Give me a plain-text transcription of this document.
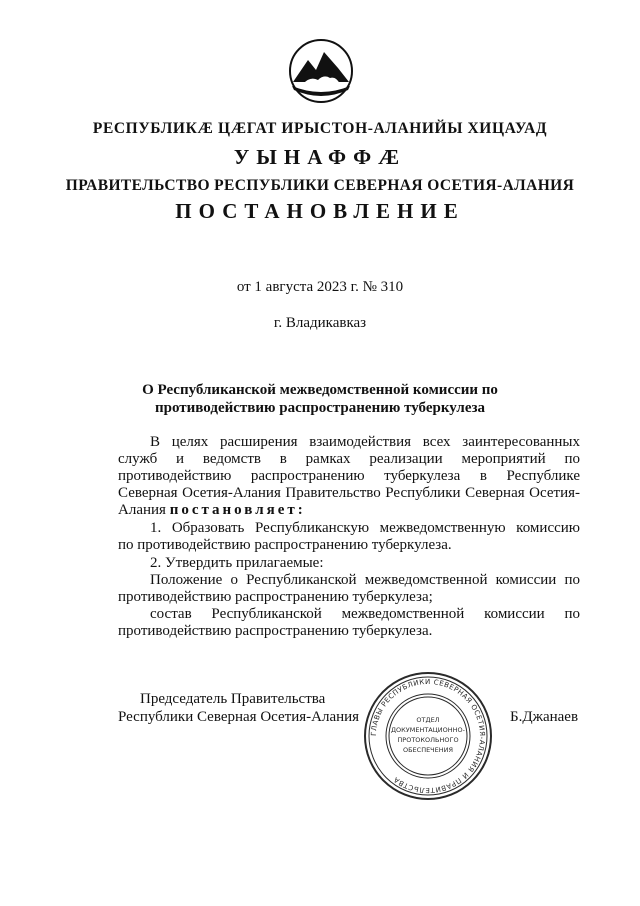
РЕСПУБЛИКӔ ЦӔГАТ ИРЫСТОН-АЛАНИЙЫ ХИЦАУАД
УЫНАФФӔ
ПРАВИТЕЛЬСТВО РЕСПУБЛИКИ СЕВЕРНАЯ ОСЕТИЯ-АЛАНИЯ
ПОСТАНОВЛЕНИЕ
от 1 августа 2023 г. № 310
г. Владикавказ
О Республиканской межведомственной комиссии по
противодействию распространению туберкулеза
В целях расширения взаимодействия всех заинтересованных
служб и ведомств в рамках реализации мероприятий по
противодействию распространению туберкулеза в Республике
Северная Осетия-Алания Правительство Республики Северная Осетия-
Алания постановляет:
1. Образовать Республиканскую межведомственную комиссию
по противодействию распространению туберкулеза.
2. Утвердить прилагаемые:
Положение о Республиканской межведомственной комиссии по
противодействию распространению туберкулеза;
состав Республиканской межведомственной комиссии по
противодействию распространению туберкулеза.
Председатель Правительства
Республики Северная Осетия-Алания	Б.Джанаев
ГЛАВЫ РЕСПУБЛИКИ СЕВЕРНАЯ ОСЕТИЯ-АЛАНИЯ И ПРАВИТЕЛЬСТВА
ОТДЕЛ
ДОКУМЕНТАЦИОННО-
ПРОТОКОЛЬНОГО
ОБЕСПЕЧЕНИЯ
